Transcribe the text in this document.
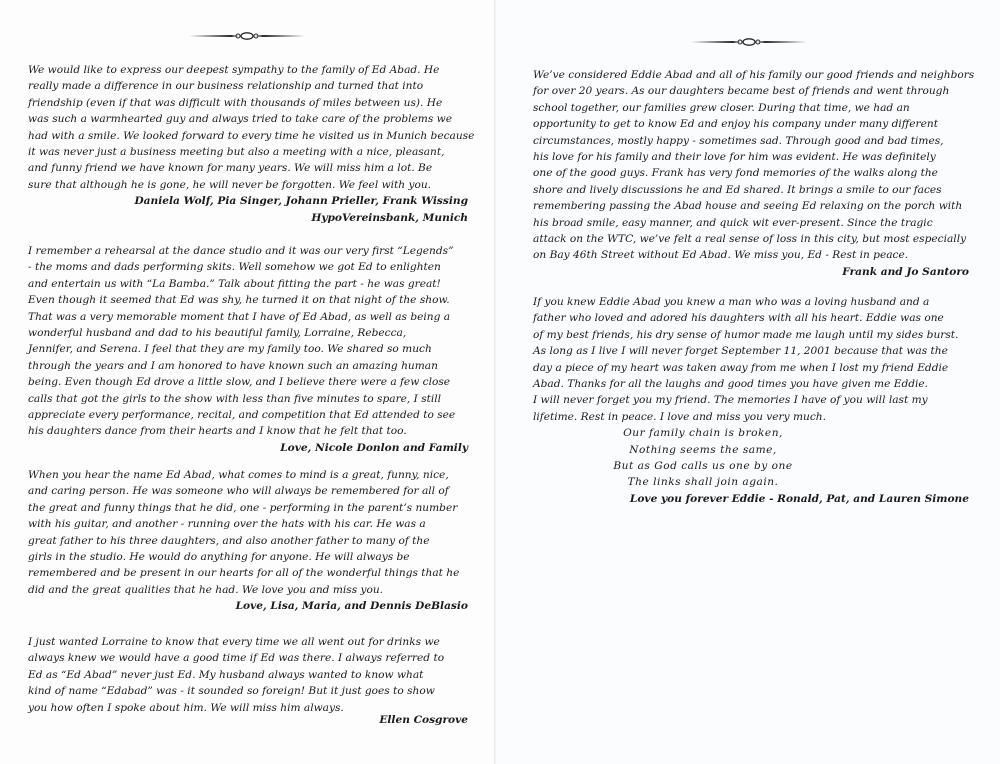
We would like to express our deepest sympathy to the family of Ed Abad. He

really made a difference in our business relationship and turned that into

friendship (even if that was difficult with thousands of miles between us). He

was such a warmhearted guy and always tried to take care of the problems we

had with a smile. We looked forward to every time he visited us in Munich because

it was never just a business meeting but also a meeting with a nice, pleasant,

and funny friend we have known for many years. We will miss him a lot. Be

sure that although he is gone, he will never be forgotten. We feel with you.

Daniela Wolf, Pia Singer, Johann Prieller, Frank Wissing

HypoVereinsbank, Munich

I remember a rehearsal at the dance studio and it was our very first “Legends”

- the moms and dads performing skits. Well somehow we got Ed to enlighten

and entertain us with “La Bamba.” Talk about fitting the part - he was great!

Even though it seemed that Ed was shy, he turned it on that night of the show.

That was a very memorable moment that I have of Ed Abad, as well as being a

wonderful husband and dad to his beautiful family, Lorraine, Rebecca,

Jennifer, and Serena. I feel that they are my family too. We shared so much

through the years and I am honored to have known such an amazing human

being. Even though Ed drove a little slow, and I believe there were a few close

calls that got the girls to the show with less than five minutes to spare, I still

appreciate every performance, recital, and competition that Ed attended to see

his daughters dance from their hearts and I know that he felt that too.

Love, Nicole Donlon and Family

When you hear the name Ed Abad, what comes to mind is a great, funny, nice,

and caring person. He was someone who will always be remembered for all of

the great and funny things that he did, one - performing in the parent’s number

with his guitar, and another - running over the hats with his car. He was a

great father to his three daughters, and also another father to many of the

girls in the studio. He would do anything for anyone. He will always be

remembered and be present in our hearts for all of the wonderful things that he

did and the great qualities that he had. We love you and miss you.

Love, Lisa, Maria, and Dennis DeBlasio

I just wanted Lorraine to know that every time we all went out for drinks we

always knew we would have a good time if Ed was there. I always referred to

Ed as “Ed Abad” never just Ed. My husband always wanted to know what

kind of name “Edabad” was - it sounded so foreign! But it just goes to show

you how often I spoke about him. We will miss him always.

Ellen Cosgrove

We’ve considered Eddie Abad and all of his family our good friends and neighbors

for over 20 years. As our daughters became best of friends and went through

school together, our families grew closer. During that time, we had an

opportunity to get to know Ed and enjoy his company under many different

circumstances, mostly happy - sometimes sad. Through good and bad times,

his love for his family and their love for him was evident. He was definitely

one of the good guys. Frank has very fond memories of the walks along the

shore and lively discussions he and Ed shared. It brings a smile to our faces

remembering passing the Abad house and seeing Ed relaxing on the porch with

his broad smile, easy manner, and quick wit ever-present. Since the tragic

attack on the WTC, we’ve felt a real sense of loss in this city, but most especially

on Bay 46th Street without Ed Abad. We miss you, Ed - Rest in peace.

Frank and Jo Santoro

If you knew Eddie Abad you knew a man who was a loving husband and a

father who loved and adored his daughters with all his heart. Eddie was one

of my best friends, his dry sense of humor made me laugh until my sides burst.

As long as I live I will never forget September 11, 2001 because that was the

day a piece of my heart was taken away from me when I lost my friend Eddie

Abad. Thanks for all the laughs and good times you have given me Eddie.

I will never forget you my friend. The memories I have of you will last my

lifetime. Rest in peace. I love and miss you very much.

Our family chain is broken,

Nothing seems the same,

But as God calls us one by one

The links shall join again.

Love you forever Eddie - Ronald, Pat, and Lauren Simone
